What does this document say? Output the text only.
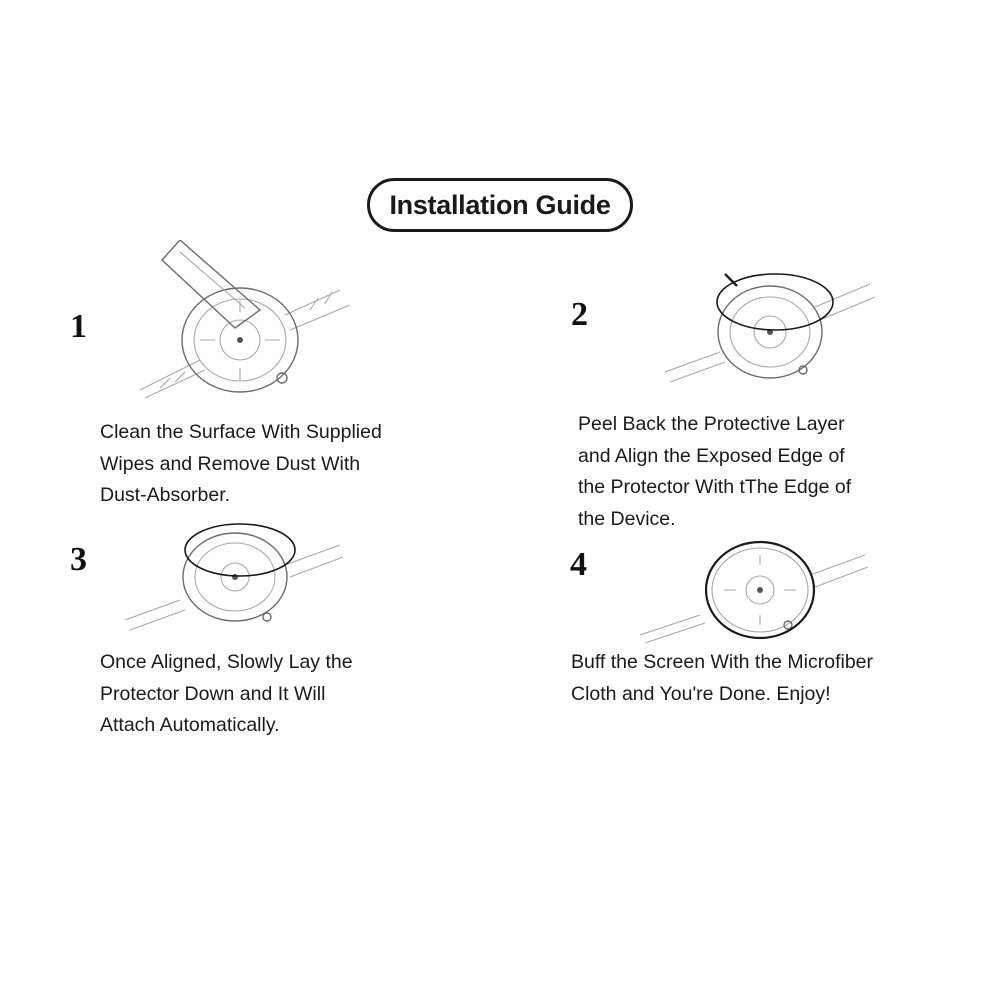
Installation Guide
1

Clean the Surface With Supplied
Wipes and Remove Dust With
Dust-Absorber.

2

Peel Back the Protective Layer
and Align the Exposed Edge of
the Protector With tThe Edge of
the Device.

3

Once Aligned, Slowly Lay the
Protector Down and It Will
Attach Automatically.

4

Buff the Screen With the Microfiber
Cloth and You're Done. Enjoy!
